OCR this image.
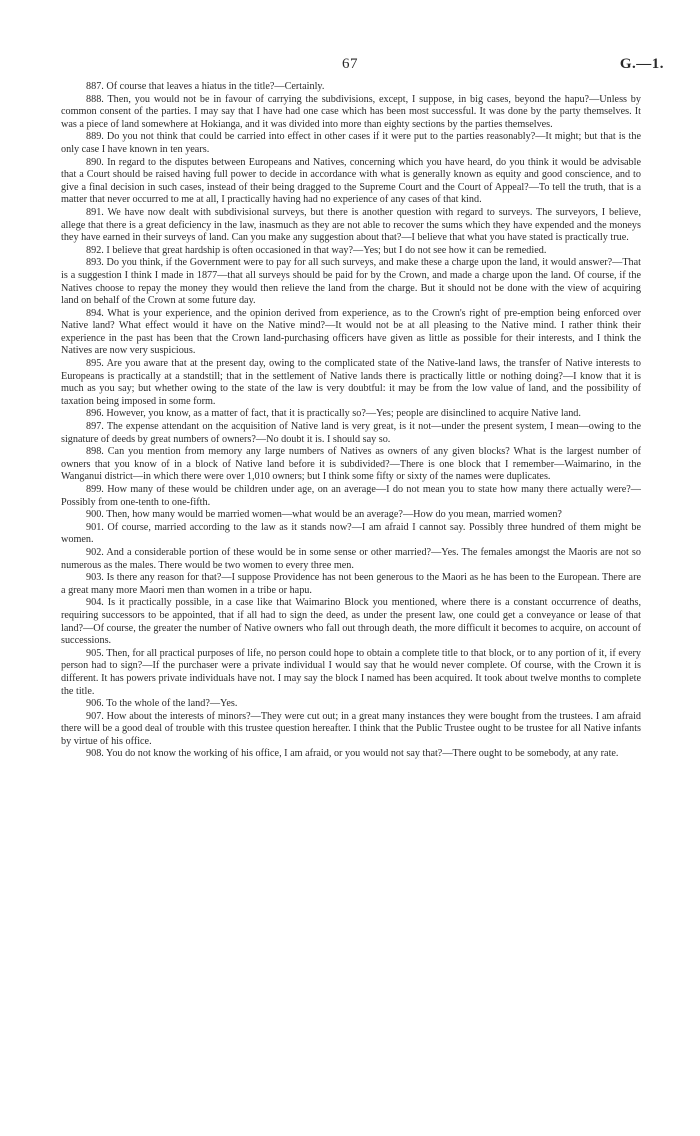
67	G.—1.

887. Of course that leaves a hiatus in the title?—Certainly.

888. Then, you would not be in favour of carrying the subdivisions, except, I suppose, in big cases, beyond the hapu?—Unless by common consent of the parties. I may say that I have had one case which has been most successful. It was done by the party themselves. It was a piece of land somewhere at Hokianga, and it was divided into more than eighty sections by the parties themselves.

889. Do you not think that could be carried into effect in other cases if it were put to the parties reasonably?—It might; but that is the only case I have known in ten years.

890. In regard to the disputes between Europeans and Natives, concerning which you have heard, do you think it would be advisable that a Court should be raised having full power to decide in accordance with what is generally known as equity and good conscience, and to give a final decision in such cases, instead of their being dragged to the Supreme Court and the Court of Appeal?—To tell the truth, that is a matter that never occurred to me at all, I practically having had no experience of any cases of that kind.

891. We have now dealt with subdivisional surveys, but there is another question with regard to surveys. The surveyors, I believe, allege that there is a great deficiency in the law, inasmuch as they are not able to recover the sums which they have expended and the moneys they have earned in their surveys of land. Can you make any suggestion about that?—I believe that what you have stated is practically true.

892. I believe that great hardship is often occasioned in that way?—Yes; but I do not see how it can be remedied.

893. Do you think, if the Government were to pay for all such surveys, and make these a charge upon the land, it would answer?—That is a suggestion I think I made in 1877—that all surveys should be paid for by the Crown, and made a charge upon the land. Of course, if the Natives choose to repay the money they would then relieve the land from the charge. But it should not be done with the view of acquiring land on behalf of the Crown at some future day.

894. What is your experience, and the opinion derived from experience, as to the Crown's right of pre-emption being enforced over Native land? What effect would it have on the Native mind?—It would not be at all pleasing to the Native mind. I rather think their experience in the past has been that the Crown land-purchasing officers have given as little as possible for their interests, and I think the Natives are now very suspicious.

895. Are you aware that at the present day, owing to the complicated state of the Native-land laws, the transfer of Native interests to Europeans is practically at a standstill; that in the settlement of Native lands there is practically little or nothing doing?—I know that it is much as you say; but whether owing to the state of the law is very doubtful: it may be from the low value of land, and the possibility of taxation being imposed in some form.

896. However, you know, as a matter of fact, that it is practically so?—Yes; people are disinclined to acquire Native land.

897. The expense attendant on the acquisition of Native land is very great, is it not—under the present system, I mean—owing to the signature of deeds by great numbers of owners?—No doubt it is. I should say so.

898. Can you mention from memory any large numbers of Natives as owners of any given blocks? What is the largest number of owners that you know of in a block of Native land before it is subdivided?—There is one block that I remember—Waimarino, in the Wanganui district—in which there were over 1,010 owners; but I think some fifty or sixty of the names were duplicates.

899. How many of these would be children under age, on an average—I do not mean you to state how many there actually were?—Possibly from one-tenth to one-fifth.

900. Then, how many would be married women—what would be an average?—How do you mean, married women?

901. Of course, married according to the law as it stands now?—I am afraid I cannot say. Possibly three hundred of them might be women.

902. And a considerable portion of these would be in some sense or other married?—Yes. The females amongst the Maoris are not so numerous as the males. There would be two women to every three men.

903. Is there any reason for that?—I suppose Providence has not been generous to the Maori as he has been to the European. There are a great many more Maori men than women in a tribe or hapu.

904. Is it practically possible, in a case like that Waimarino Block you mentioned, where there is a constant occurrence of deaths, requiring successors to be appointed, that if all had to sign the deed, as under the present law, one could get a conveyance or lease of that land?—Of course, the greater the number of Native owners who fall out through death, the more difficult it becomes to acquire, on account of successions.

905. Then, for all practical purposes of life, no person could hope to obtain a complete title to that block, or to any portion of it, if every person had to sign?—If the purchaser were a private individual I would say that he would never complete. Of course, with the Crown it is different. It has powers private individuals have not. I may say the block I named has been acquired. It took about twelve months to complete the title.

906. To the whole of the land?—Yes.

907. How about the interests of minors?—They were cut out; in a great many instances they were bought from the trustees. I am afraid there will be a good deal of trouble with this trustee question hereafter. I think that the Public Trustee ought to be trustee for all Native infants by virtue of his office.

908. You do not know the working of his office, I am afraid, or you would not say that?—There ought to be somebody, at any rate.
